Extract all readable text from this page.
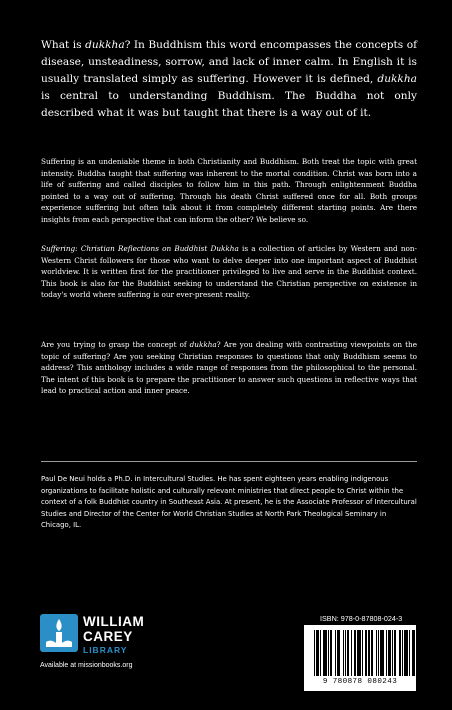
What is dukkha? In Buddhism this word encompasses the concepts of disease, unsteadiness, sorrow, and lack of inner calm. In English it is usually translated simply as suffering. However it is defined, dukkha is central to understanding Buddhism. The Buddha not only described what it was but taught that there is a way out of it.

Suffering is an undeniable theme in both Christianity and Buddhism. Both treat the topic with great intensity. Buddha taught that suffering was inherent to the mortal condition. Christ was born into a life of suffering and called disciples to follow him in this path. Through enlightenment Buddha pointed to a way out of suffering. Through his death Christ suffered once for all. Both groups experience suffering but often talk about it from completely different starting points. Are there insights from each perspective that can inform the other? We believe so.

Suffering: Christian Reflections on Buddhist Dukkha is a collection of articles by Western and non-Western Christ followers for those who want to delve deeper into one important aspect of Buddhist worldview. It is written first for the practitioner privileged to live and serve in the Buddhist context. This book is also for the Buddhist seeking to understand the Christian perspective on existence in today's world where suffering is our ever-present reality.

Are you trying to grasp the concept of dukkha? Are you dealing with contrasting viewpoints on the topic of suffering? Are you seeking Christian responses to questions that only Buddhism seems to address? This anthology includes a wide range of responses from the philosophical to the personal. The intent of this book is to prepare the practitioner to answer such questions in reflective ways that lead to practical action and inner peace.

Paul De Neui holds a Ph.D. in Intercultural Studies. He has spent eighteen years enabling indigenous organizations to facilitate holistic and culturally relevant ministries that direct people to Christ within the context of a folk Buddhist country in Southeast Asia. At present, he is the Associate Professor of Intercultural Studies and Director of the Center for World Christian Studies at North Park Theological Seminary in Chicago, IL.

WILLIAM
CAREY
LIBRARY
Available at missionbooks.org
ISBN: 978-0-87808-024-3
9 780878 080243
